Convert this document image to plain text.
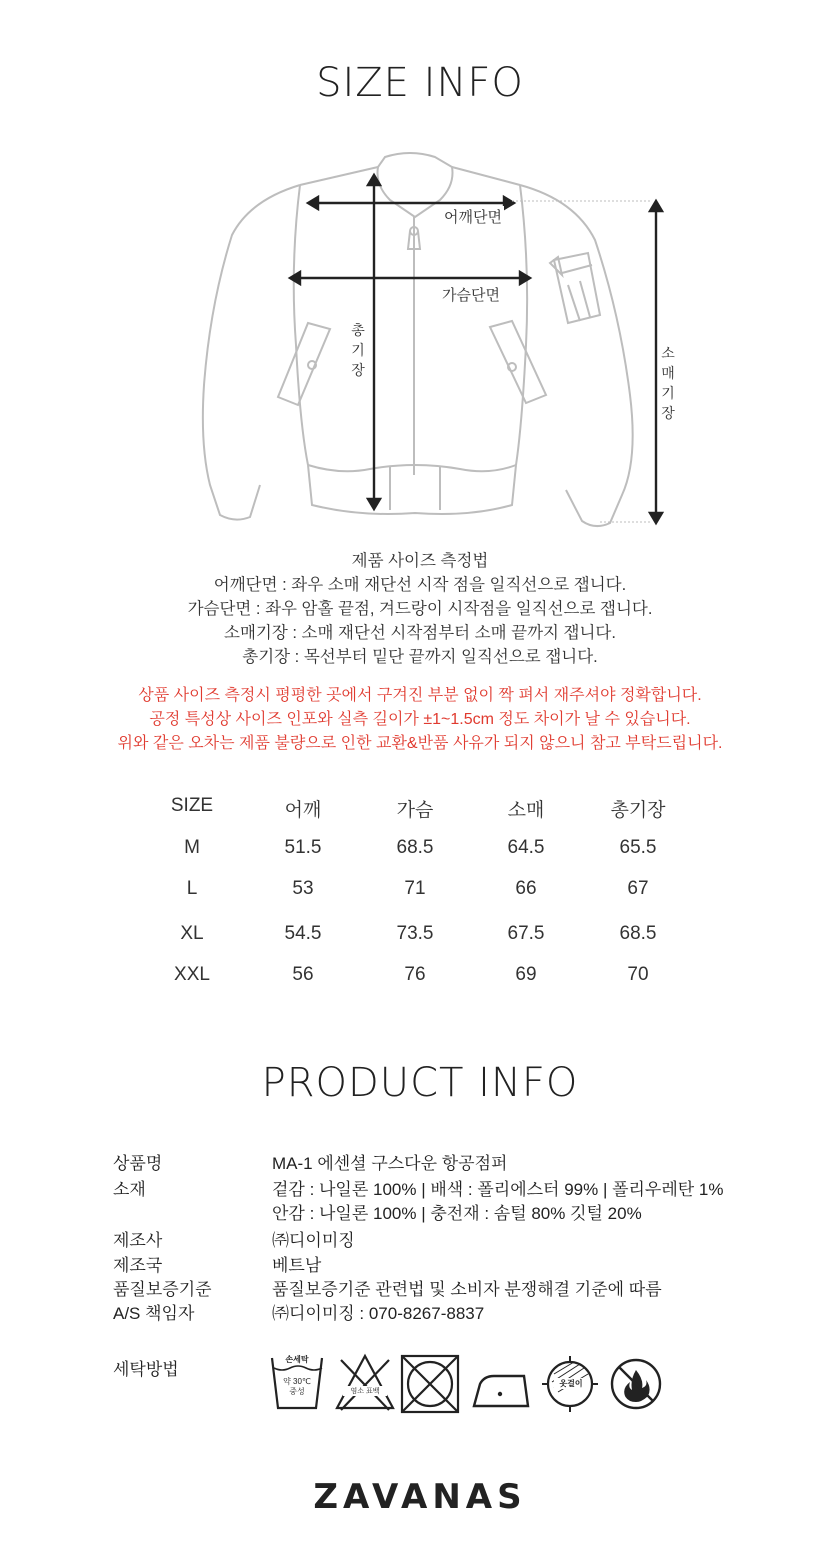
SIZE INFO
어깨단면
가슴단면
총
기
장
소
매
기
장
제품 사이즈 측정법
어깨단면 : 좌우 소매 재단선 시작 점을 일직선으로 잽니다.
가슴단면 : 좌우 암홀 끝점, 겨드랑이 시작점을 일직선으로 잽니다.
소매기장 : 소매 재단선 시작점부터 소매 끝까지 잽니다.
총기장 : 목선부터 밑단 끝까지 일직선으로 잽니다.
상품 사이즈 측정시 평평한 곳에서 구겨진 부분 없이 짝 펴서 재주셔야 정확합니다.
공정 특성상 사이즈 인포와 실측 길이가 ±1~1.5cm 정도 차이가 날 수 있습니다.
위와 같은 오차는 제품 불량으로 인한 교환&반품 사유가 되지 않으니 참고 부탁드립니다.
SIZE	어깨	가슴	소매	총기장
M	51.5	68.5	64.5	65.5
L	53	71	66	67
XL	54.5	73.5	67.5	68.5
XXL	56	76	69	70
PRODUCT INFO
상품명	MA-1 에센셜 구스다운 항공점퍼
소재	겉감 : 나일론 100% | 배색 : 폴리에스터 99% | 폴리우레탄 1%
안감 : 나일론 100% | 충전재 : 솜털 80% 깃털 20%
제조사	㈜디이미징
제조국	베트남
품질보증기준	품질보증기준 관련법 및 소비자 분쟁해결 기준에 따름
A/S 책임자	㈜디이미징 : 070-8267-8837
세탁방법
손세탁
약 30℃
중성	염소 표백
옷걸이
ZAVANAS
